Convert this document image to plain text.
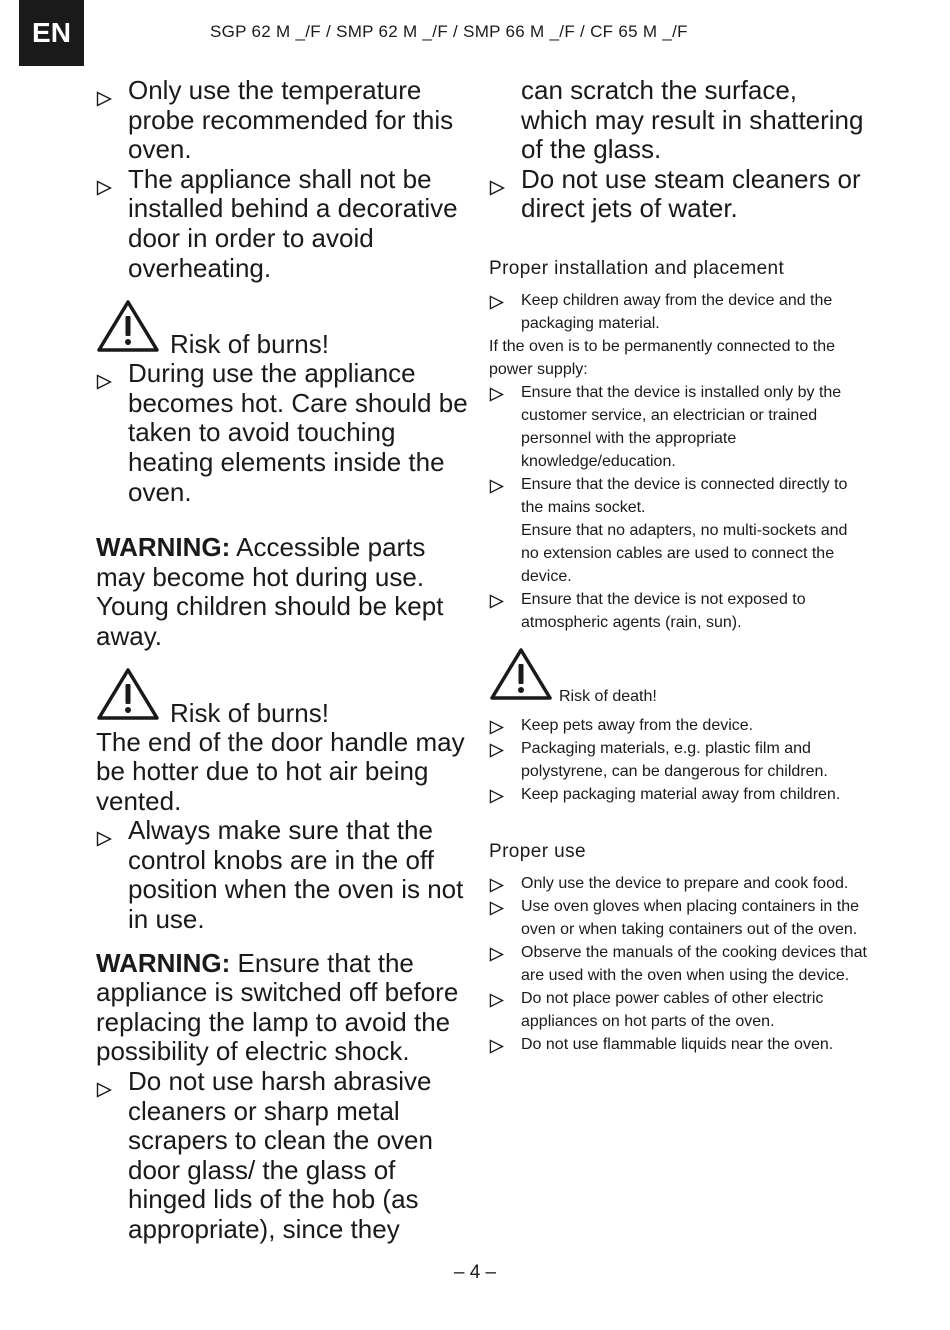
EN	SGP 62 M _/F / SMP 62 M _/F / SMP 66 M _/F / CF 65 M _/F
Only use the temperature probe recommended for this oven.
The appliance shall not be installed behind a decorative door in order to avoid overheating.
Risk of burns!
During use the appliance becomes hot. Care should be taken to avoid touching heating elements inside the oven.
WARNING: Accessible parts may become hot during use. Young children should be kept away.
Risk of burns!
The end of the door handle may be hotter due to hot air being vented.
Always make sure that the control knobs are in the off position when the oven is not in use.
WARNING: Ensure that the appliance is switched off before replacing the lamp to avoid the possibility of electric shock.
Do not use harsh abrasive cleaners or sharp metal scrapers to clean the oven door glass/ the glass of hinged lids of the hob (as appropriate), since they
can scratch the surface, which may result in shattering of the glass.
Do not use steam cleaners or direct jets of water.
Proper installation and placement
Keep children away from the device and the packaging material.
If the oven is to be permanently connected to the power supply:
Ensure that the device is installed only by the customer service, an electrician or trained personnel with the appropriate knowledge/education.
Ensure that the device is connected directly to the mains socket.
Ensure that no adapters, no multi-sockets and no extension cables are used to connect the device.
Ensure that the device is not exposed to atmospheric agents (rain, sun).
Risk of death!
Keep pets away from the device.
Packaging materials, e.g. plastic film and polystyrene, can be dangerous for children.
Keep packaging material away from children.
Proper use
Only use the device to prepare and cook food.
Use oven gloves when placing containers in the oven or when taking containers out of the oven.
Observe the manuals of the cooking devices that are used with the oven when using the device.
Do not place power cables of other electric appliances on hot parts of the oven.
Do not use flammable liquids near the oven.
– 4 –
